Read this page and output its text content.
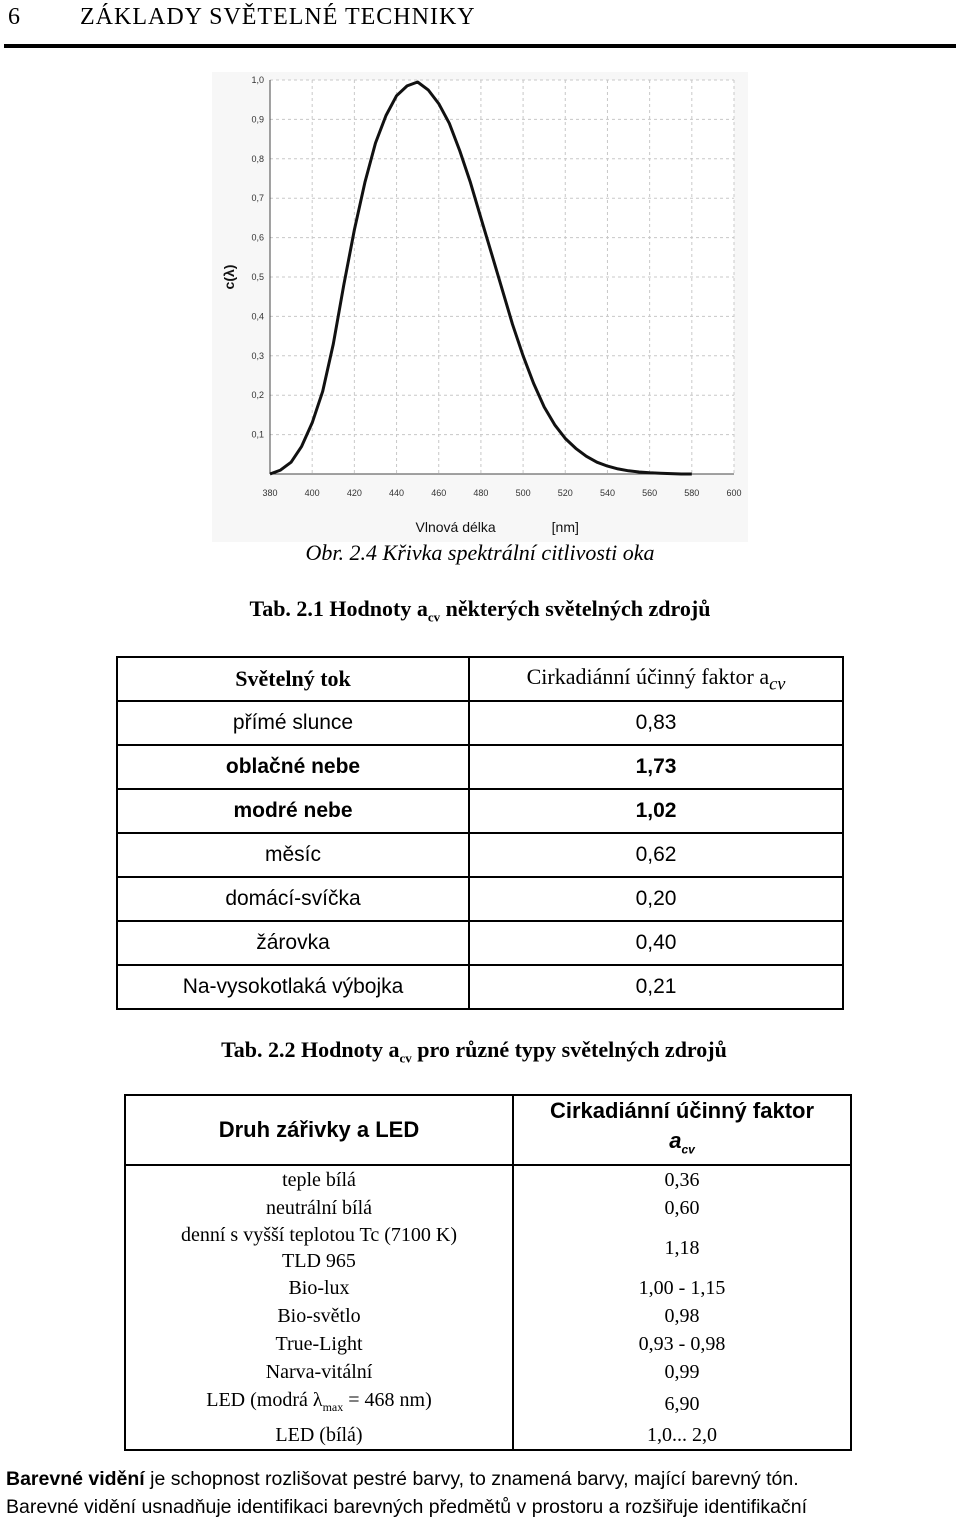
6	ZÁKLADY SVĚTELNÉ TECHNIKY
0,1
0,2
0,3
0,4
0,5
0,6
0,7
0,8
0,9
1,0
380	400	420	440	460	480	500	520	540	560	580	600
c(λ)
Vlnová délka	[nm]
Obr. 2.4 Křivka spektrální citlivosti oka
Tab. 2.1 Hodnoty $a_{cv}$ některých světelných zdrojů
Světelný tok	Cirkadiánní účinný faktor $a_{cv}$
přímé slunce	0,83
oblačné nebe	1,73
modré nebe	1,02
měsíc	0,62
domácí-svíčka	0,20
žárovka	0,40
Na-vysokotlaká výbojka	0,21
Tab. 2.2 Hodnoty $a_{cv}$ pro různé typy světelných zdrojů
Druh zářivky a LED	Cirkadiánní účinný faktor
$a_{cv}$
teple bílá	0,36
neutrální bílá	0,60
denní s vyšší teplotou Tc (7100 K)
TLD 965	1,18
Bio-lux	1,00 - 1,15
Bio-světlo	0,98
True-Light	0,93 - 0,98
Narva-vitální	0,99
LED (modrá $\lambda_{max} = 468$ nm)	6,90
LED (bílá)	1,0... 2,0
Barevné vidění je schopnost rozlišovat pestré barvy, to znamená barvy, mající barevný tón.
Barevné vidění usnadňuje identifikaci barevných předmětů v prostoru a rozšiřuje identifikační
